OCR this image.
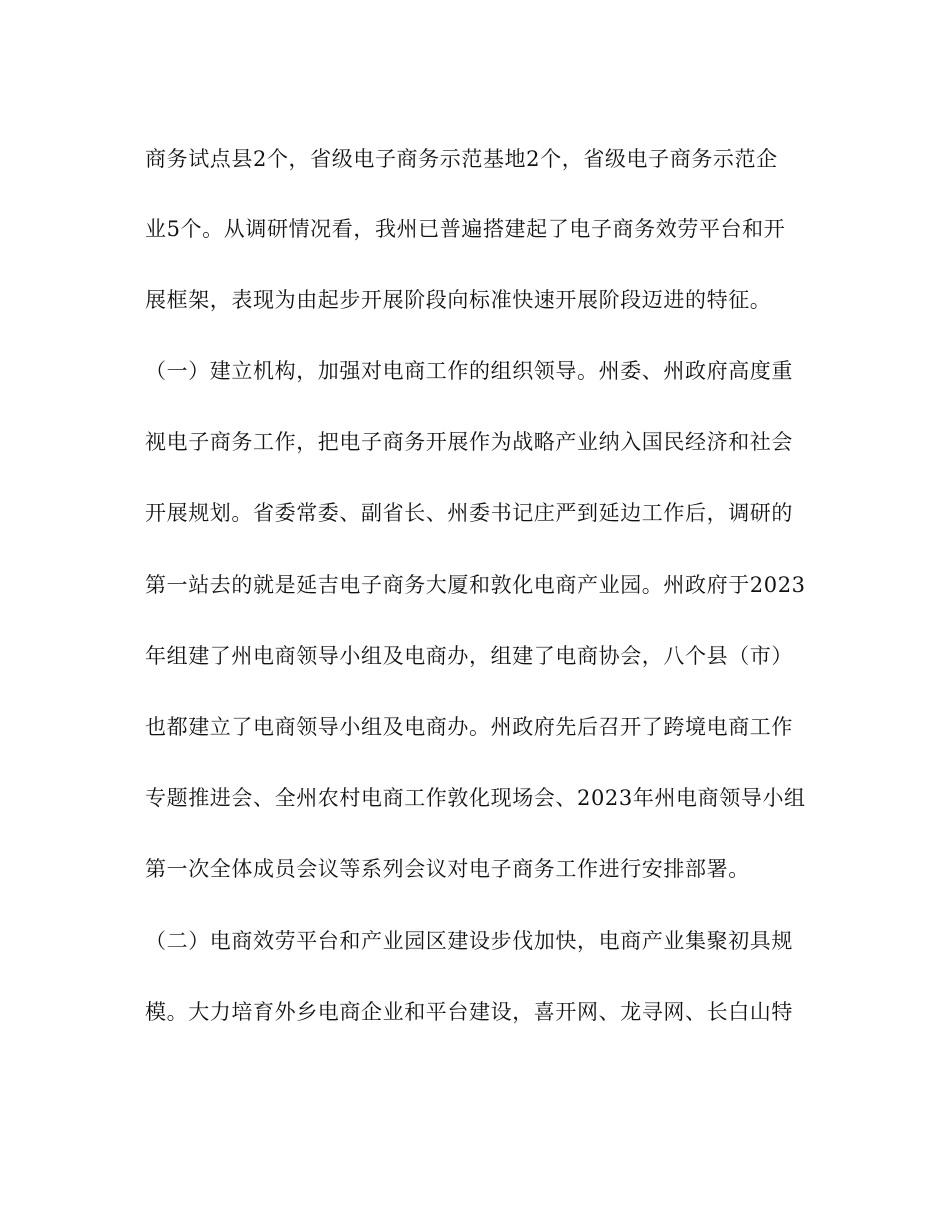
商务试点县2个，省级电子商务示范基地2个，省级电子商务示范企
业5个。从调研情况看，我州已普遍搭建起了电子商务效劳平台和开
展框架，表现为由起步开展阶段向标准快速开展阶段迈进的特征。
（一）建立机构，加强对电商工作的组织领导。州委、州政府高度重
视电子商务工作，把电子商务开展作为战略产业纳入国民经济和社会
开展规划。省委常委、副省长、州委书记庄严到延边工作后，调研的
第一站去的就是延吉电子商务大厦和敦化电商产业园。州政府于2023
年组建了州电商领导小组及电商办，组建了电商协会，八个县（市）
也都建立了电商领导小组及电商办。州政府先后召开了跨境电商工作
专题推进会、全州农村电商工作敦化现场会、2023年州电商领导小组
第一次全体成员会议等系列会议对电子商务工作进行安排部署。
（二）电商效劳平台和产业园区建设步伐加快，电商产业集聚初具规
模。大力培育外乡电商企业和平台建设，喜开网、龙寻网、长白山特
